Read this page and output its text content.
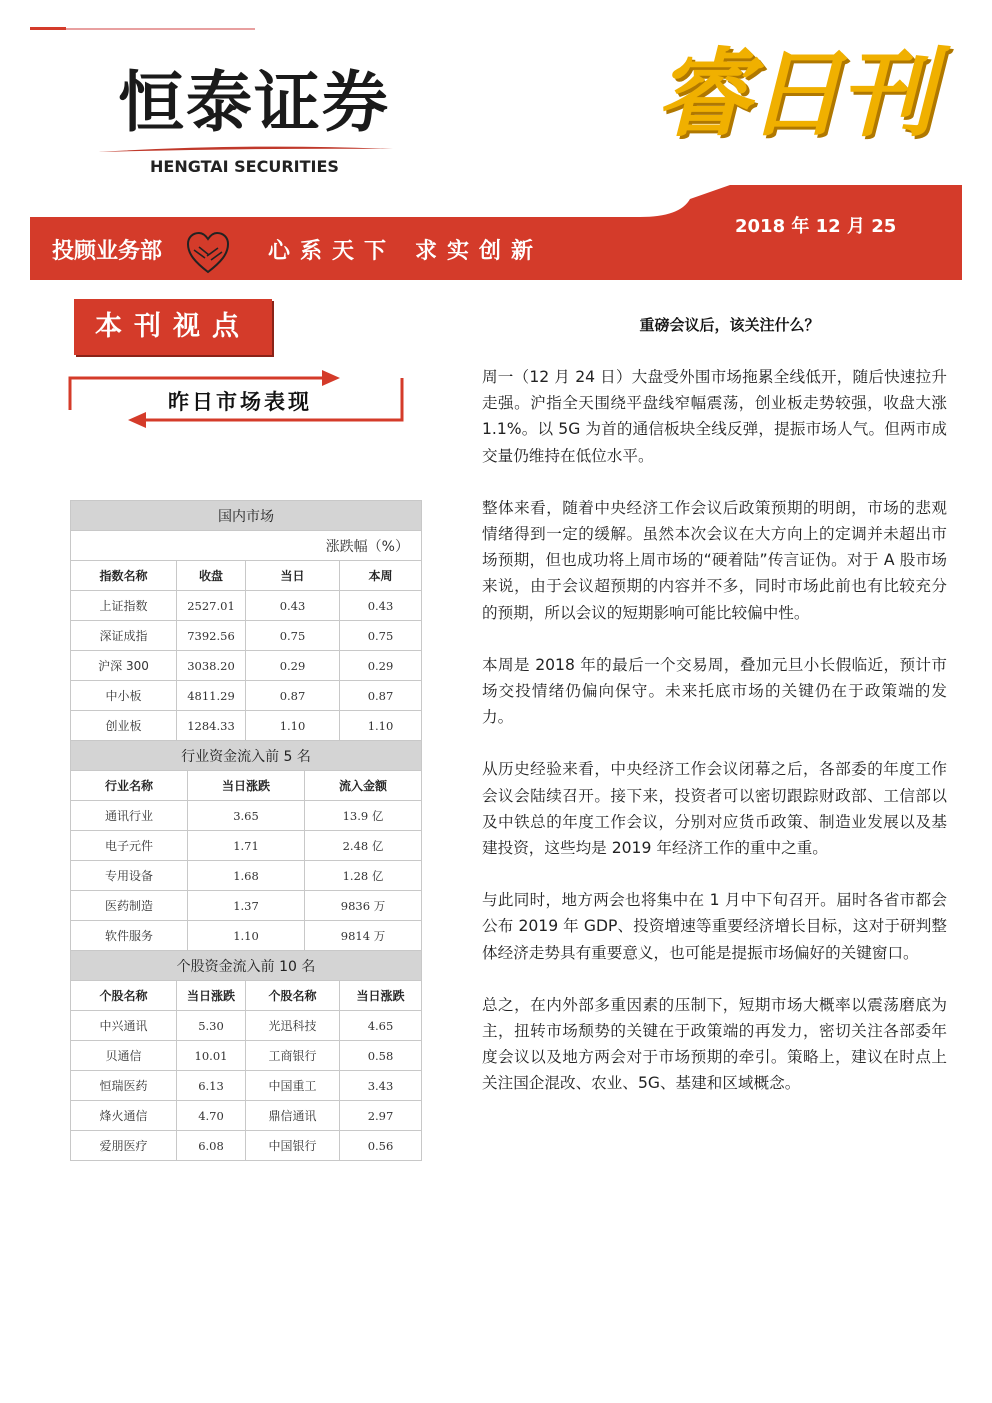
恒泰证券
HENGTAI SECURITIES
睿日刊
2018 年 12 月 25
投顾业务部	心系天下 求实创新
本刊视点
昨日市场表现
国内市场			
涨跌幅（%）			
指数名称	收盘	当日	本周
上证指数	2527.01	0.43	0.43
深证成指	7392.56	0.75	0.75
沪深 300	3038.20	0.29	0.29
中小板	4811.29	0.87	0.87
创业板	1284.33	1.10	1.10
行业资金流入前 5 名			
行业名称	当日涨跌	流入金额
通讯行业	3.65	13.9 亿
电子元件	1.71	2.48 亿
专用设备	1.68	1.28 亿
医药制造	1.37	9836 万
软件服务	1.10	9814 万
个股资金流入前 10 名		
个股名称	当日涨跌	个股名称	当日涨跌
中兴通讯	5.30	光迅科技	4.65
贝通信	10.01	工商银行	0.58
恒瑞医药	6.13	中国重工	3.43
烽火通信	4.70	鼎信通讯	2.97
爱朋医疗	6.08	中国银行	0.56
重磅会议后，该关注什么？

周一（12 月 24 日）大盘受外围市场拖累全线低开，随后快速拉升走强。沪指全天围绕平盘线窄幅震荡，创业板走势较强，收盘大涨 1.1%。以 5G 为首的通信板块全线反弹，提振市场人气。但两市成交量仍维持在低位水平。

整体来看，随着中央经济工作会议后政策预期的明朗，市场的悲观情绪得到一定的缓解。虽然本次会议在大方向上的定调并未超出市场预期，但也成功将上周市场的“硬着陆”传言证伪。对于 A 股市场来说，由于会议超预期的内容并不多，同时市场此前也有比较充分的预期，所以会议的短期影响可能比较偏中性。

本周是 2018 年的最后一个交易周，叠加元旦小长假临近，预计市场交投情绪仍偏向保守。未来托底市场的关键仍在于政策端的发力。

从历史经验来看，中央经济工作会议闭幕之后，各部委的年度工作会议会陆续召开。接下来，投资者可以密切跟踪财政部、工信部以及中铁总的年度工作会议，分别对应货币政策、制造业发展以及基建投资，这些均是 2019 年经济工作的重中之重。

与此同时，地方两会也将集中在 1 月中下旬召开。届时各省市都会公布 2019 年 GDP、投资增速等重要经济增长目标，这对于研判整体经济走势具有重要意义，也可能是提振市场偏好的关键窗口。

总之，在内外部多重因素的压制下，短期市场大概率以震荡磨底为主，扭转市场颓势的关键在于政策端的再发力，密切关注各部委年度会议以及地方两会对于市场预期的牵引。策略上，建议在时点上关注国企混改、农业、5G、基建和区域概念。
